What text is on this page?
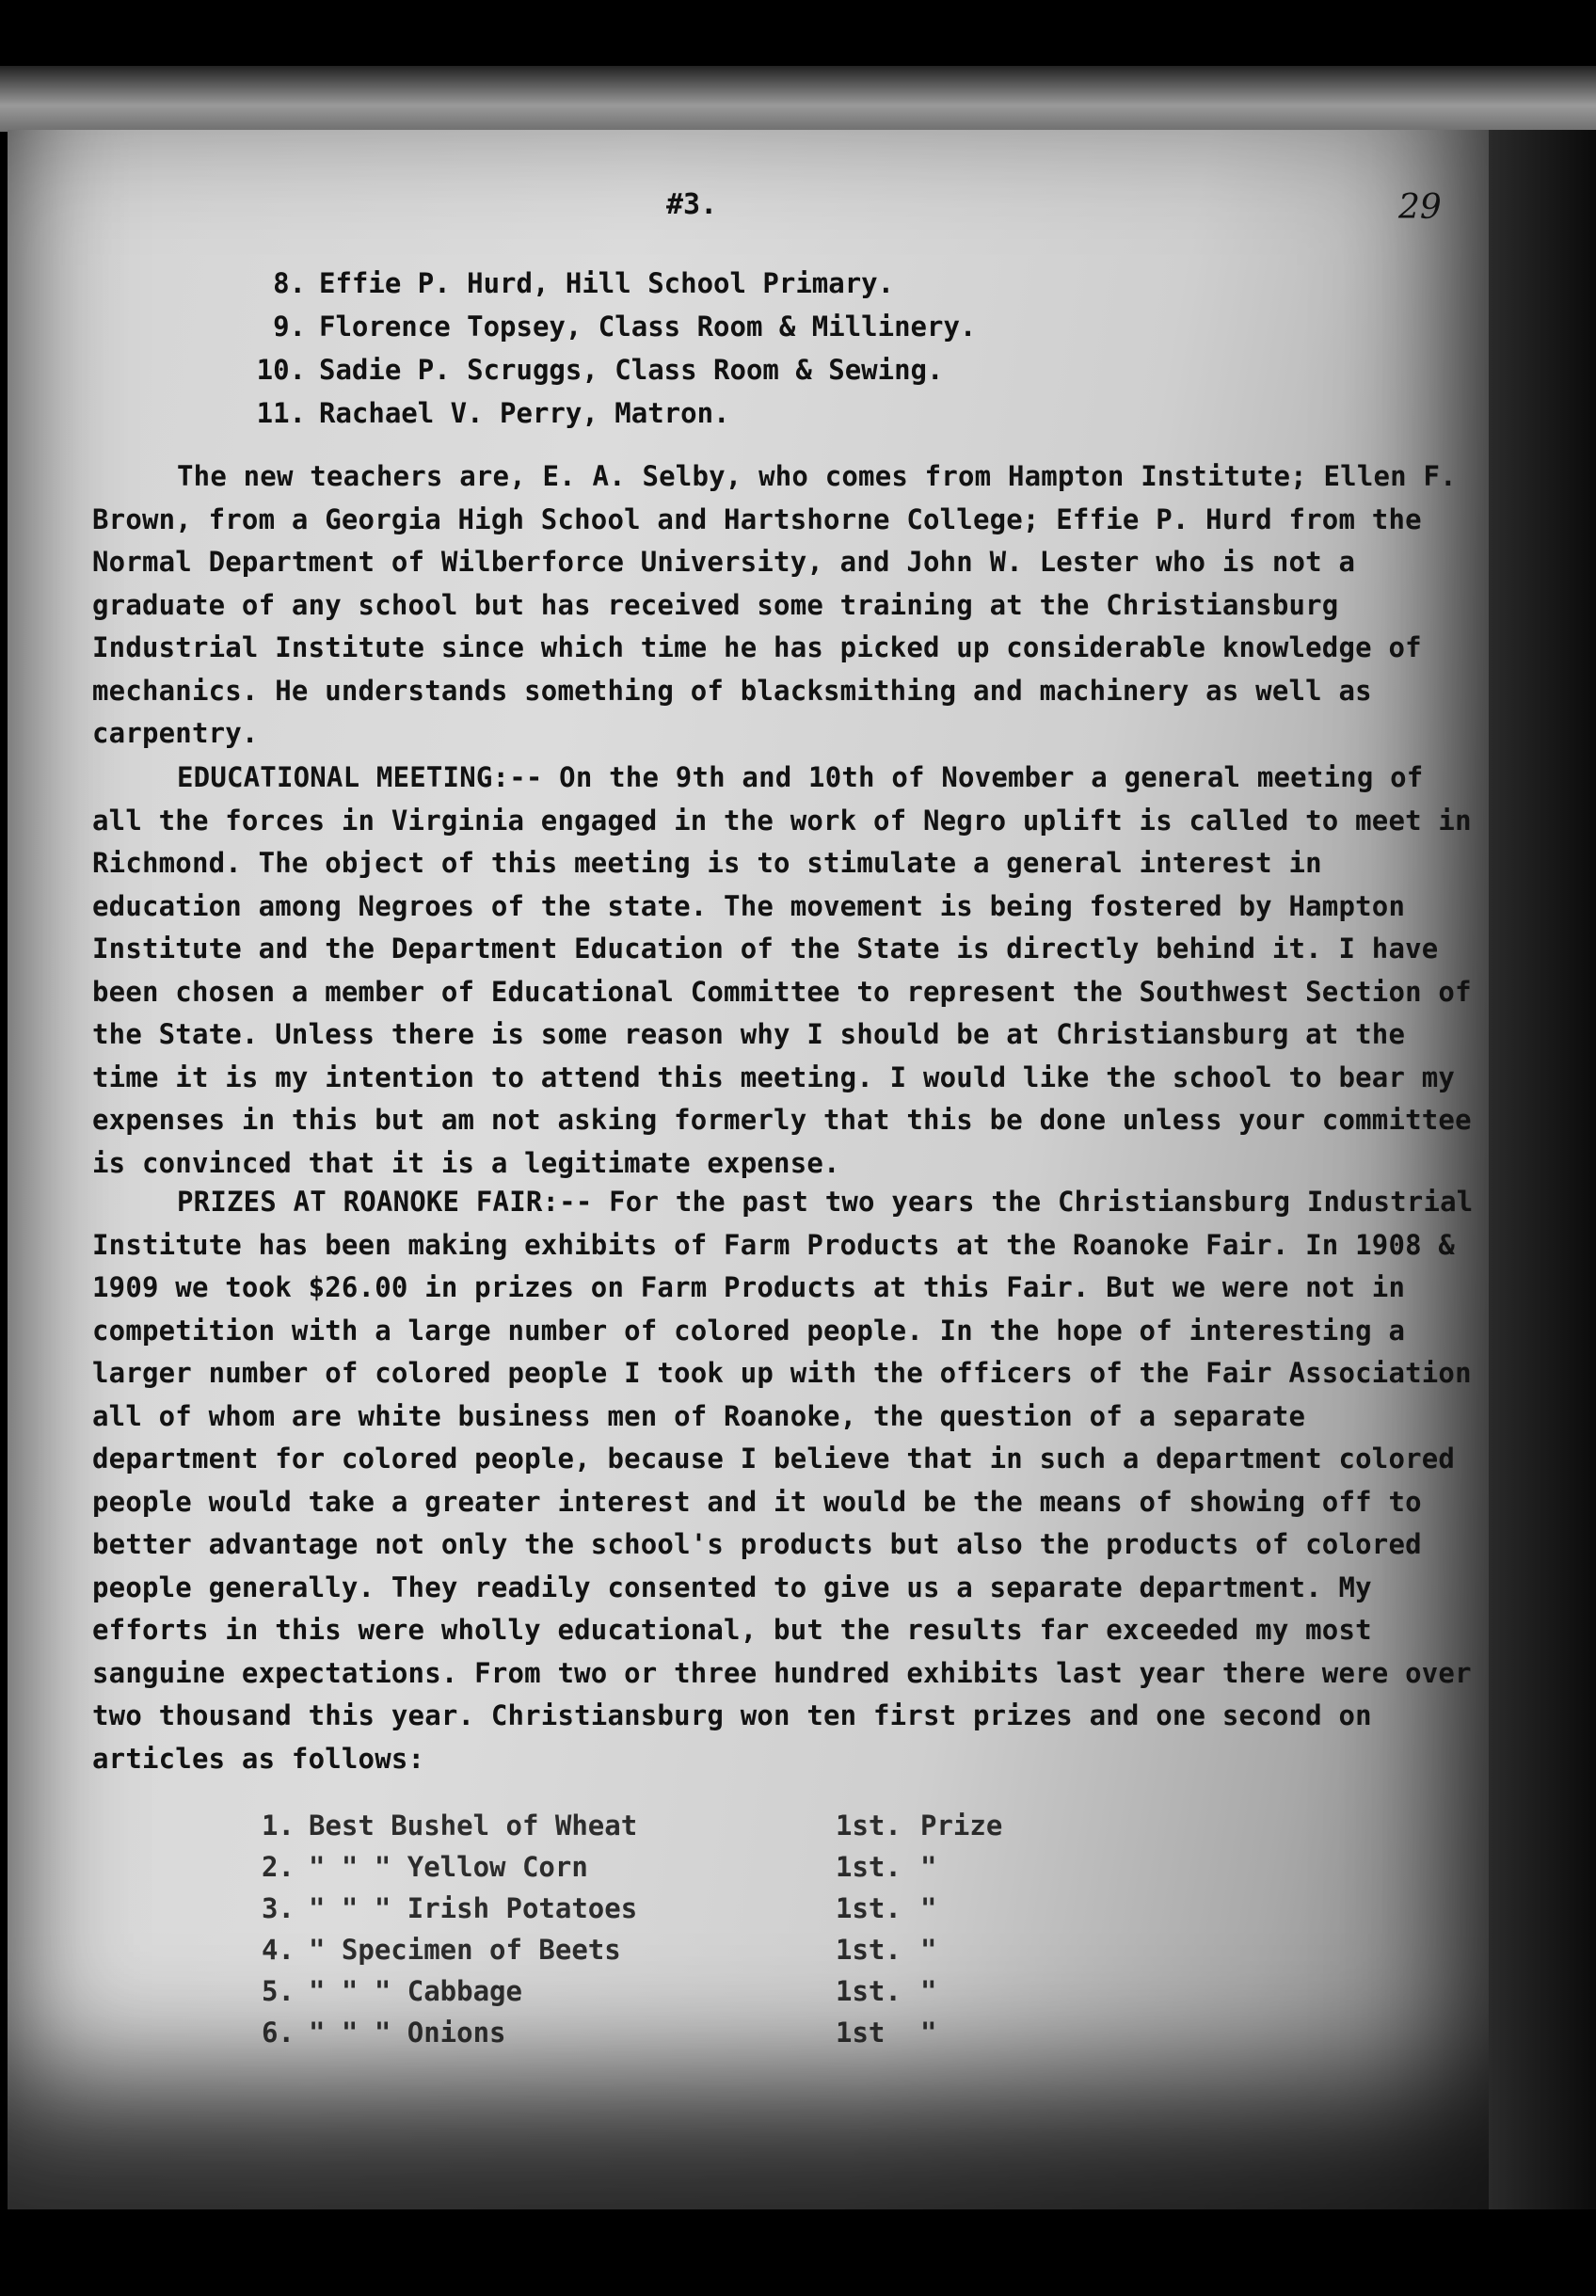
#3.	29
8. Effie P. Hurd, Hill School Primary.
9. Florence Topsey, Class Room & Millinery.
10. Sadie P. Scruggs, Class Room & Sewing.
11. Rachael V. Perry, Matron.

The new teachers are, E. A. Selby, who comes from Hampton Institute; Ellen F. Brown, from a Georgia High School and Hartshorne College; Effie P. Hurd from the Normal Department of Wilberforce University, and John W. Lester who is not a graduate of any school but has received some training at the Christiansburg Industrial Institute since which time he has picked up considerable knowledge of mechanics. He understands something of blacksmithing and machinery as well as carpentry.

EDUCATIONAL MEETING:-- On the 9th and 10th of November a general meeting of all the forces in Virginia engaged in the work of Negro uplift is called to meet in Richmond. The object of this meeting is to stimulate a general interest in education among Negroes of the state. The movement is being fostered by Hampton Institute and the Department Education of the State is directly behind it. I have been chosen a member of Educational Committee to represent the Southwest Section of the State. Unless there is some reason why I should be at Christiansburg at the time it is my intention to attend this meeting. I would like the school to bear my expenses in this but am not asking formerly that this be done unless your committee is convinced that it is a legitimate expense.

PRIZES AT ROANOKE FAIR:-- For the past two years the Christiansburg Industrial Institute has been making exhibits of Farm Products at the Roanoke Fair. In 1908 & 1909 we took $26.00 in prizes on Farm Products at this Fair. But we were not in competition with a large number of colored people. In the hope of interesting a larger number of colored people I took up with the officers of the Fair Association all of whom are white business men of Roanoke, the question of a separate department for colored people, because I believe that in such a department colored people would take a greater interest and it would be the means of showing off to better advantage not only the school's products but also the products of colored people generally. They readily consented to give us a separate department. My efforts in this were wholly educational, but the results far exceeded my most sanguine expectations. From two or three hundred exhibits last year there were over two thousand this year. Christiansburg won ten first prizes and one second on articles as follows:

1. Best Bushel of Wheat	1st. Prize
2. " " " Yellow Corn	1st. "
3. " " " Irish Potatoes	1st. "
4. " Specimen of Beets	1st. "
5. " " " Cabbage	1st. "
6. " " " Onions	1st "
